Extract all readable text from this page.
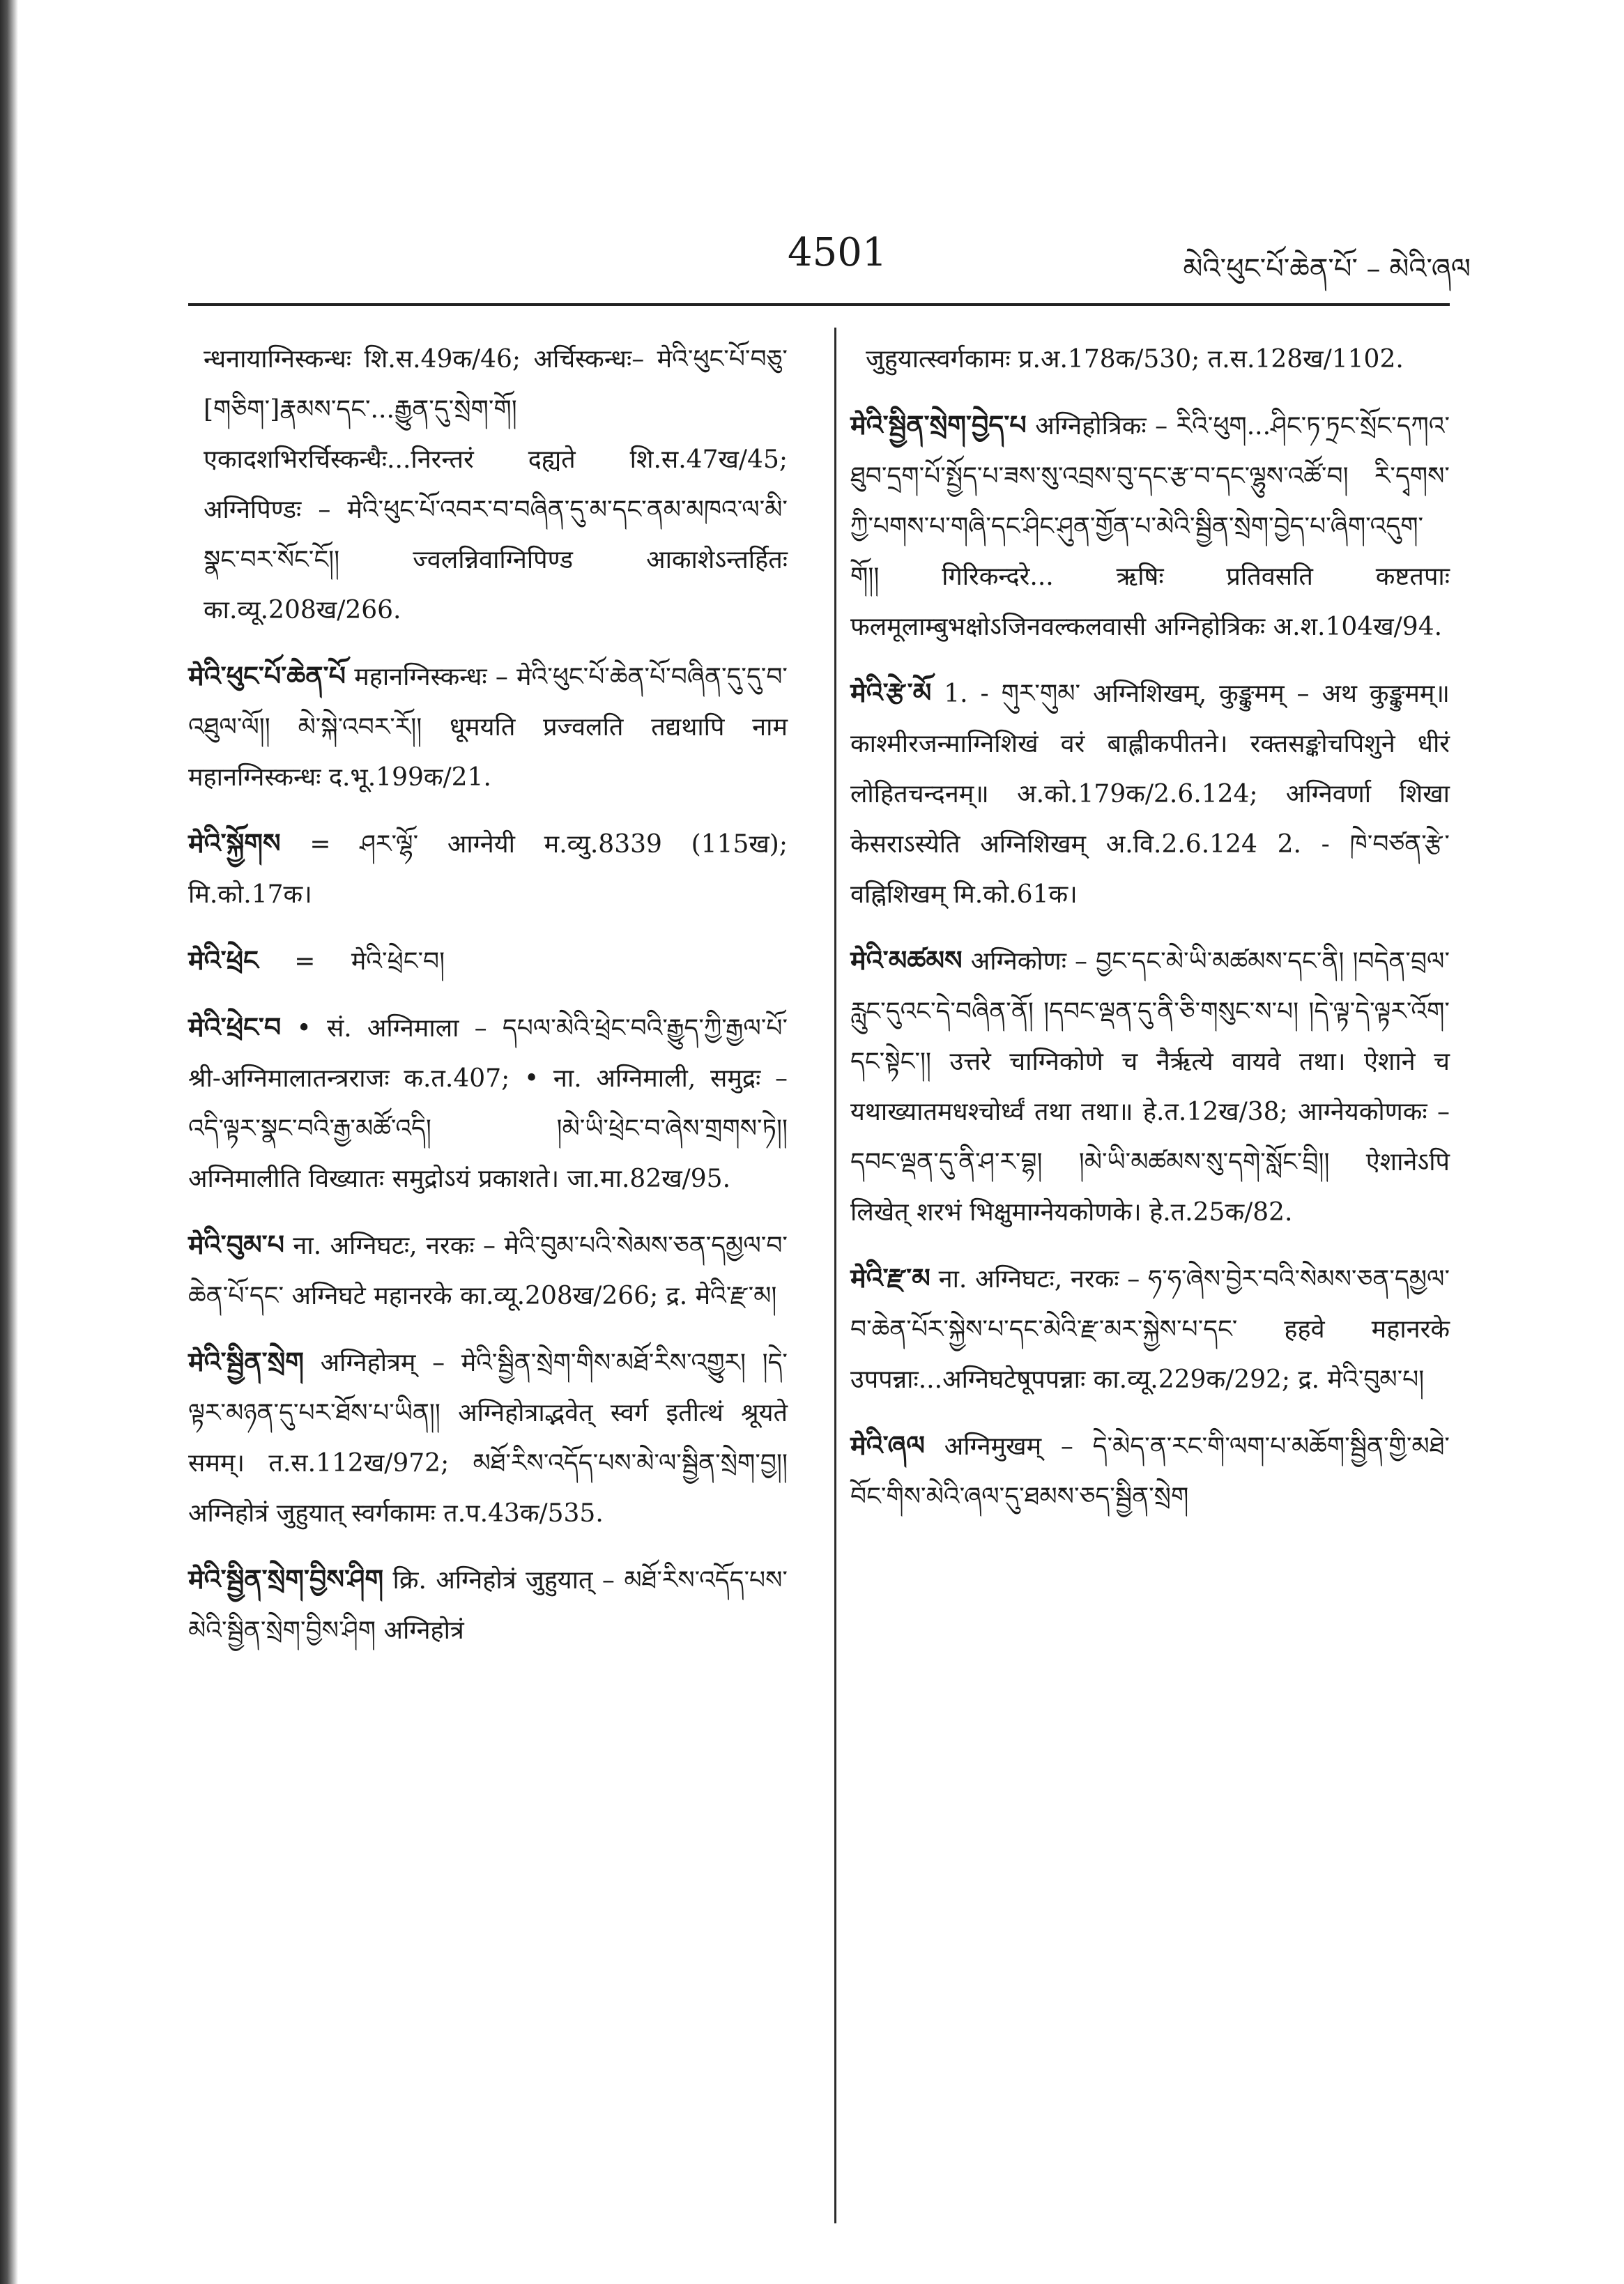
4501	མེའི་ཕུང་པོ་ཆེན་པོ་ – མེའི་ཞལ

न्धनायाग्निस्कन्धः शि.स.49क/46; अर्चिस्कन्धः– मेའི་ཕུང་པོ་བཅུ་[གཅིག་]རྣམས་དང་...རྒྱུན་དུ་སྲེག་གོ། एकादशभिरर्चिस्कन्धैः...निरन्तरं दह्यते शि.स.47ख/45; अग्निपिण्डः – मेའི་ཕུང་པོ་འབར་བ་བཞིན་དུ་མ་དང་ནམ་མཁའ་ལ་མི་སྣང་བར་སོང་ངོ།། ज्वलन्निवाग्निपिण्ड आकाशेऽन्तर्हितः का.व्यू.208ख/266.

मेའི་ཕུང་པོ་ཆེན་པོ महानग्निस्कन्धः – मेའི་ཕུང་པོ་ཆེན་པོ་བཞིན་དུ་དུ་བ་འཐུལ་ལོ།། མེ་སྐེ་འབར་རོ།། धूमयति प्रज्वलति तद्यथापि नाम महानग्निस्कन्धः द.भू.199क/21.

मेའི་སྐྱོགས = ཤར་ལྷོ་ आग्नेयी म.व्यु.8339 (115ख); मि.को.17क।

मेའི་ཕྲེང = मेའི་ཕྲེང་བ།

मेའི་ཕྲེང་བ • सं. अग्निमाला – དཔལ་མེའི་ཕྲེང་བའི་རྒྱུད་ཀྱི་རྒྱལ་པོ་ श्री-अग्निमालातन्त्रराजः क.त.407; • ना. अग्निमाली, समुद्रः – འདི་ལྟར་སྣང་བའི་རྒྱ་མཚོ་འདི། །མེ་ཡི་ཕྲེང་བ་ཞེས་གྲགས་ཏེ།། अग्निमालीति विख्यातः समुद्रोऽयं प्रकाशते। जा.मा.82ख/95.

मेའི་བུམ་པ ना. अग्निघटः, नरकः – मेའི་བུམ་པའི་སེམས་ཅན་དམྱལ་བ་ཆེན་པོ་དང་ अग्निघटे महानरके का.व्यू.208ख/266; द्र. मेའི་རྫ་མ།

मेའི་སྦྱིན་སྲེག अग्निहोत्रम् – मेའི་སྦྱིན་སྲེག་གིས་མཐོ་རིས་འགྱུར། །དེ་ལྟར་མཉན་དུ་པར་ཐོས་པ་ཡིན།། अग्निहोत्राद्भवेत् स्वर्ग इतीत्थं श्रूयते समम्। त.स.112ख/972; མཐོ་རིས་འདོད་པས་མེ་ལ་སྦྱིན་སྲེག་བྱ།། अग्निहोत्रं जुहुयात् स्वर्गकामः त.प.43क/535.

मेའི་སྦྱིན་སྲེག་བྱིས་ཤིག क्रि. अग्निहोत्रं जुहुयात् – མཐོ་རིས་འདོད་པས་མེའི་སྦྱིན་སྲེག་བྱིས་ཤིག अग्निहोत्रं

जुहुयात्स्वर्गकामः प्र.अ.178क/530; त.स.128ख/1102.

मेའི་སྦྱིན་སྲེག་བྱེད་པ अग्निहोत्रिकः – རིའི་ཕུག...ཤིང་ཏ་ཏྲང་སྲོང་དཀའ་ཐུབ་དྲག་པོ་སྤྱོད་པ་ཟས་སུ་འབྲས་བུ་དང་རྩ་བ་དང་ལྷུས་འཚོ་བ། རི་དྭགས་ཀྱི་པགས་པ་གཞི་དང་ཤིང་ཤུན་གྱོན་པ་མེའི་སྦྱིན་སྲེག་བྱེད་པ་ཞིག་འདུག་གོ།། गिरिकन्दरे... ऋषिः प्रतिवसति कष्टतपाः फलमूलाम्बुभक्षोऽजिनवल्कलवासी अग्निहोत्रिकः अ.श.104ख/94.

मेའི་རྩེ་མོ 1. - གུར་གུམ་ अग्निशिखम्, कुङ्कुमम् – अथ कुङ्कुमम्॥ काश्मीरजन्माग्निशिखं वरं बाह्लीकपीतने। रक्तसङ्कोचपिशुने धीरं लोहितचन्दनम्॥ अ.को.179क/2.6.124; अग्निवर्णा शिखा केसराऽस्येति अग्निशिखम् अ.वि.2.6.124 2. - ཁེ་བཙན་རྩེ་ वह्निशिखम् मि.को.61क।

मेའི་མཚམས अग्निकोणः – བྱང་དང་མེ་ཡི་མཚམས་དང་ནི། །བདེན་བྲལ་རླུང་དུའང་དེ་བཞིན་ནོ། །དབང་ལྡན་དུ་ནི་ཅི་གསུང་ས་པ། །དེ་ལྟ་དེ་ལྟར་འོག་དང་སྟེང་།། उत्तरे चाग्निकोणे च नैर्ऋत्ये वायवे तथा। ऐशाने च यथाख्यातमधश्चोर्ध्वं तथा तथा॥ हे.त.12ख/38; आग्नेयकोणकः – དབང་ལྡན་དུ་ནི་ཤ་ར་བྷ། །མེ་ཡི་མཚམས་སུ་དགེ་སློང་བྲི།། ऐशानेऽपि लिखेत् शरभं भिक्षुमाग्नेयकोणके। हे.त.25क/82.

मेའི་རྫ་མ ना. अग्निघटः, नरकः – ཧ་ཧ་ཞེས་བྱེར་བའི་སེམས་ཅན་དམྱལ་བ་ཆེན་པོར་སྐྱེས་པ་དང་མེའི་རྫ་མར་སྐྱེས་པ་དང་ हहवे महानरके उपपन्नाः...अग्निघटेषूपपन्नाः का.व्यू.229क/292; द्र. मेའི་བུམ་པ།

मेའི་ཞལ अग्निमुखम् – དེ་མེད་ན་རང་གི་ལག་པ་མཆོག་སྦྱིན་གྱི་མཐེ་བོང་གིས་མེའི་ཞལ་དུ་ཐམས་ཅད་སྦྱིན་སྲེག
